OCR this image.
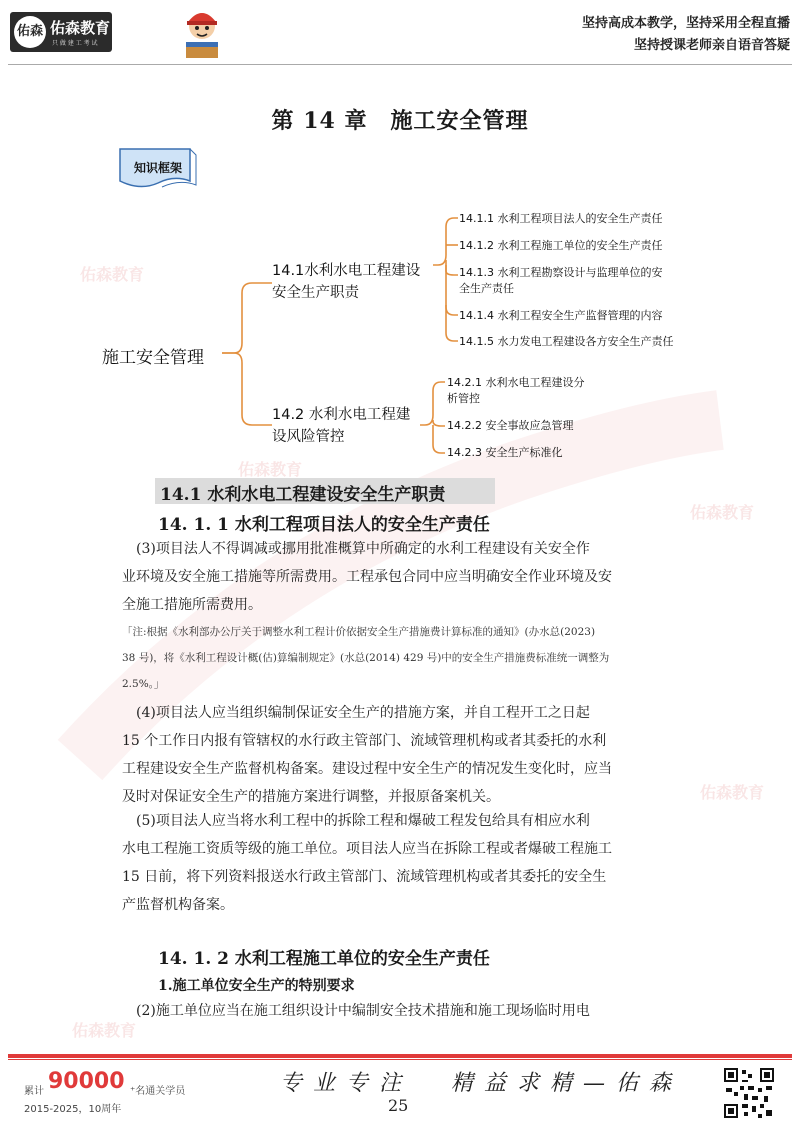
佑森 佑森教育
只 做 建 工 考 试
坚持高成本教学，坚持采用全程直播
坚持授课老师亲自语音答疑
佑森教育
佑森教育
佑森教育
佑森教育
佑森教育
第 14 章　施工安全管理
知识框架
施工安全管理
14.1水利水电工程建设
安全生产职责
14.1.1 水利工程项目法人的安全生产责任
14.1.2 水利工程施工单位的安全生产责任
14.1.3 水利工程勘察设计与监理单位的安
全生产责任
14.1.4 水利工程安全生产监督管理的内容
14.1.5 水力发电工程建设各方安全生产责任
14.2 水利水电工程建
设风险管控
14.2.1 水利水电工程建设分
析管控
14.2.2 安全事故应急管理
14.2.3 安全生产标准化
14.1 水利水电工程建设安全生产职责
14. 1. 1 水利工程项目法人的安全生产责任
　(3)项目法人不得调减或挪用批准概算中所确定的水利工程建设有关安全作
业环境及安全施工措施等所需费用。工程承包合同中应当明确安全作业环境及安
全施工措施所需费用。
「注:根据《水利部办公厅关于调整水利工程计价依据安全生产措施费计算标准的通知》(办水总(2023)
38 号)，将《水利工程设计概(估)算编制规定》(水总(2014) 429 号)中的安全生产措施费标准统一调整为
2.5%。」
　(4)项目法人应当组织编制保证安全生产的措施方案，并自工程开工之日起
15 个工作日内报有管辖权的水行政主管部门、流域管理机构或者其委托的水利
工程建设安全生产监督机构备案。建设过程中安全生产的情况发生变化时，应当
及时对保证安全生产的措施方案进行调整，并报原备案机关。
　(5)项目法人应当将水利工程中的拆除工程和爆破工程发包给具有相应水利
水电工程施工资质等级的施工单位。项目法人应当在拆除工程或者爆破工程施工
15 日前，将下列资料报送水行政主管部门、流域管理机构或者其委托的安全生
产监督机构备案。
14. 1. 2 水利工程施工单位的安全生产责任
1.施工单位安全生产的特别要求
　(2)施工单位应当在施工组织设计中编制安全技术措施和施工现场临时用电
累计 90000 ⁺名通关学员
2015-2025，10周年
专 业 专 注　　精 益 求 精 — 佑 森
25
